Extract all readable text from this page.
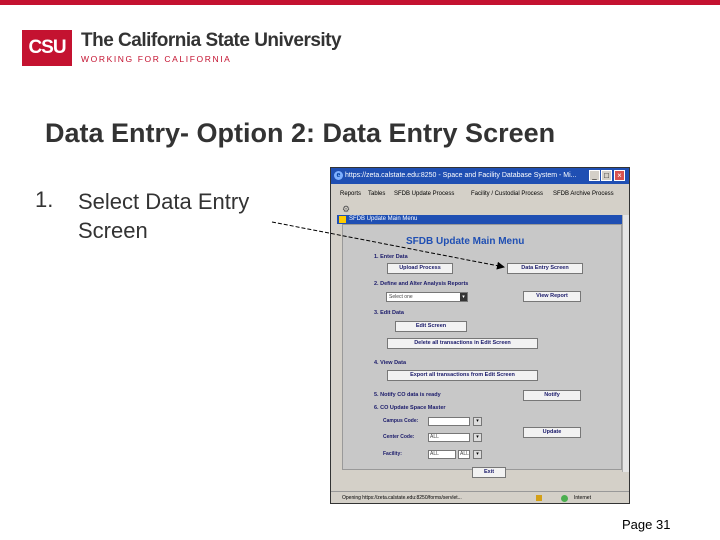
CSU The California State University
WORKING FOR CALIFORNIA
Data Entry- Option 2: Data Entry Screen
1. Select Data Entry Screen
e https://zeta.calstate.edu:8250 - Space and Facility Database System - Mi...	_ □	×
Reports Tables SFDB Update Process	Facility / Custodial Process SFDB Archive Process
⚙
SFDB Update Main Menu
SFDB Update Main Menu
1. Enter Data
Upload Process	Data Entry Screen
2. Define and Alter Analysis Reports
Select one	▾	View Report
3. Edit Data
Edit Screen
Delete all transactions in Edit Screen
4. View Data
Export all transactions from Edit Screen
5. Notify CO data is ready	Notify
6. CO Update Space Master
Campus Code:	▾
Center Code:	ALL	▾
Update
Facility:	ALL	ALL	▾
Exit
Opening https://zeta.calstate.edu:8250/forms/servlet...	Internet
Page 31
